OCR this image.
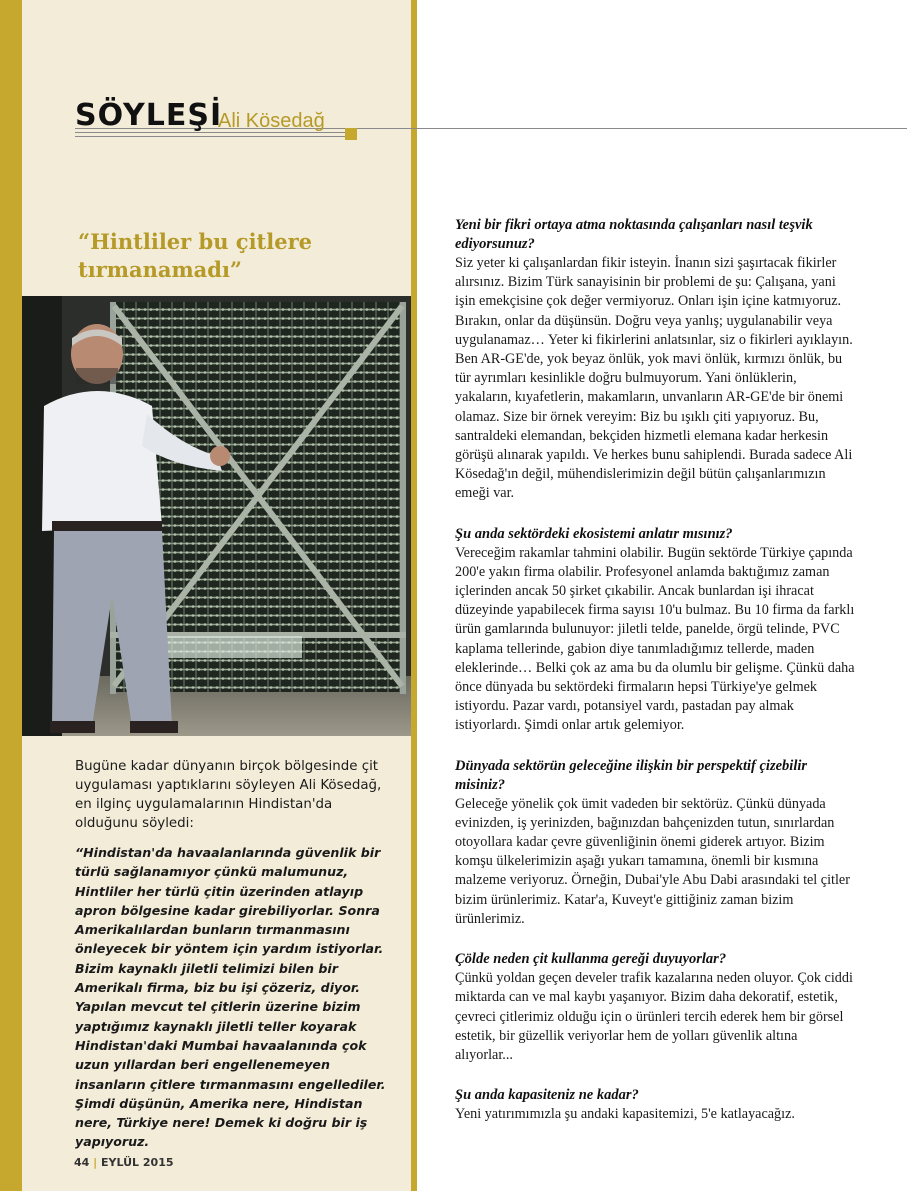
SÖYLEŞİ
Ali Kösedağ
“Hintliler bu çitlere tırmanamadı”
Bugüne kadar dünyanın birçok bölgesinde çit uygulaması yaptıklarını söyleyen Ali Kösedağ, en ilginç uygulamalarının Hindistan'da olduğunu söyledi:
“Hindistan'da havaalanlarında güvenlik bir türlü sağlanamıyor çünkü malumunuz, Hintliler her türlü çitin üzerinden atlayıp apron bölgesine kadar girebiliyorlar. Sonra Amerikalılardan bunların tırmanmasını önleyecek bir yöntem için yardım istiyorlar. Bizim kaynaklı jiletli telimizi bilen bir Amerikalı firma, biz bu işi çözeriz, diyor. Yapılan mevcut tel çitlerin üzerine bizim yaptığımız kaynaklı jiletli teller koyarak Hindistan'daki Mumbai havaalanında çok uzun yıllardan beri engellenemeyen insanların çitlere tırmanmasını engellediler. Şimdi düşünün, Amerika nere, Hindistan nere, Türkiye nere! Demek ki doğru bir iş yapıyoruz.
44 | EYLÜL 2015

Yeni bir fikri ortaya atma noktasında çalışanları nasıl teşvik ediyorsunuz?

Siz yeter ki çalışanlardan fikir isteyin. İnanın sizi şaşırtacak fikirler alırsınız. Bizim Türk sanayisinin bir problemi de şu: Çalışana, yani işin emekçisine çok değer vermiyoruz. Onları işin içine katmıyoruz. Bırakın, onlar da düşünsün. Doğru veya yanlış; uygulanabilir veya uygulanamaz… Yeter ki fikirlerini anlatsınlar, siz o fikirleri ayıklayın. Ben AR-GE'de, yok beyaz önlük, yok mavi önlük, kırmızı önlük, bu tür ayrımları kesinlikle doğru bulmuyorum. Yani önlüklerin, yakaların, kıyafetlerin, makamların, unvanların AR-GE'de bir önemi olamaz. Size bir örnek vereyim: Biz bu ışıklı çiti yapıyoruz. Bu, santraldeki elemandan, bekçiden hizmetli elemana kadar herkesin görüşü alınarak yapıldı. Ve herkes bunu sahiplendi. Burada sadece Ali Kösedağ'ın değil, mühendislerimizin değil bütün çalışanlarımızın emeği var.

Şu anda sektördeki ekosistemi anlatır mısınız?

Vereceğim rakamlar tahmini olabilir. Bugün sektörde Türkiye çapında 200'e yakın firma olabilir. Profesyonel anlamda baktığımız zaman içlerinden ancak 50 şirket çıkabilir. Ancak bunlardan işi ihracat düzeyinde yapabilecek firma sayısı 10'u bulmaz. Bu 10 firma da farklı ürün gamlarında bulunuyor: jiletli telde, panelde, örgü telinde, PVC kaplama tellerinde, gabion diye tanımladığımız tellerde, maden eleklerinde… Belki çok az ama bu da olumlu bir gelişme. Çünkü daha önce dünyada bu sektördeki firmaların hepsi Türkiye'ye gelmek istiyordu. Pazar vardı, potansiyel vardı, pastadan pay almak istiyorlardı. Şimdi onlar artık gelemiyor.

Dünyada sektörün geleceğine ilişkin bir perspektif çizebilir misiniz?

Geleceğe yönelik çok ümit vadeden bir sektörüz. Çünkü dünyada evinizden, iş yerinizden, bağınızdan bahçenizden tutun, sınırlardan otoyollara kadar çevre güvenliğinin önemi giderek artıyor. Bizim komşu ülkelerimizin aşağı yukarı tamamına, önemli bir kısmına malzeme veriyoruz. Örneğin, Dubai'yle Abu Dabi arasındaki tel çitler bizim ürünlerimiz. Katar'a, Kuveyt'e gittiğiniz zaman bizim ürünlerimiz.

Çölde neden çit kullanma gereği duyuyorlar?

Çünkü yoldan geçen develer trafik kazalarına neden oluyor. Çok ciddi miktarda can ve mal kaybı yaşanıyor. Bizim daha dekoratif, estetik, çevreci çitlerimiz olduğu için o ürünleri tercih ederek hem bir görsel estetik, bir güzellik veriyorlar hem de yolları güvenlik altına alıyorlar...

Şu anda kapasiteniz ne kadar?

Yeni yatırımımızla şu andaki kapasitemizi, 5'e katlayacağız.
